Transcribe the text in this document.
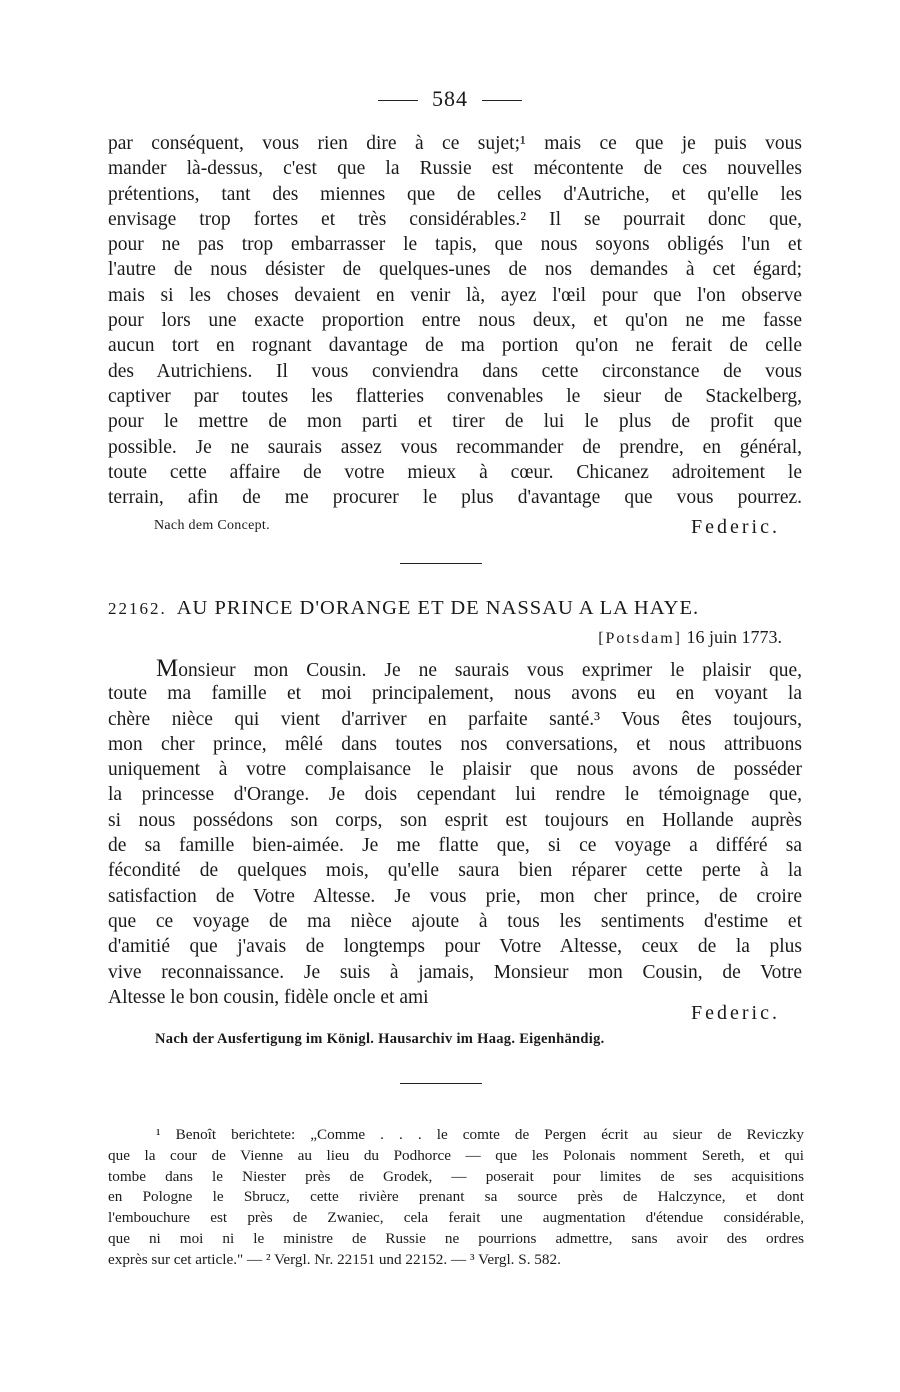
584
par conséquent, vous rien dire à ce sujet;¹ mais ce que je puis vous
mander là-dessus, c'est que la Russie est mécontente de ces nouvelles
prétentions, tant des miennes que de celles d'Autriche, et qu'elle les
envisage trop fortes et très considérables.² Il se pourrait donc que,
pour ne pas trop embarrasser le tapis, que nous soyons obligés l'un et
l'autre de nous désister de quelques-unes de nos demandes à cet égard;
mais si les choses devaient en venir là, ayez l'œil pour que l'on observe
pour lors une exacte proportion entre nous deux, et qu'on ne me fasse
aucun tort en rognant davantage de ma portion qu'on ne ferait de celle
des Autrichiens. Il vous conviendra dans cette circonstance de vous
captiver par toutes les flatteries convenables le sieur de Stackelberg,
pour le mettre de mon parti et tirer de lui le plus de profit que
possible. Je ne saurais assez vous recommander de prendre, en général,
toute cette affaire de votre mieux à cœur. Chicanez adroitement le
terrain, afin de me procurer le plus d'avantage que vous pourrez.
Nach dem Concept.	Federic.
22162. AU PRINCE D'ORANGE ET DE NASSAU A LA HAYE.
[Potsdam] 16 juin 1773.
Monsieur mon Cousin. Je ne saurais vous exprimer le plaisir que,
toute ma famille et moi principalement, nous avons eu en voyant la
chère nièce qui vient d'arriver en parfaite santé.³ Vous êtes toujours,
mon cher prince, mêlé dans toutes nos conversations, et nous attribuons
uniquement à votre complaisance le plaisir que nous avons de posséder
la princesse d'Orange. Je dois cependant lui rendre le témoignage que,
si nous possédons son corps, son esprit est toujours en Hollande auprès
de sa famille bien-aimée. Je me flatte que, si ce voyage a différé sa
fécondité de quelques mois, qu'elle saura bien réparer cette perte à la
satisfaction de Votre Altesse. Je vous prie, mon cher prince, de croire
que ce voyage de ma nièce ajoute à tous les sentiments d'estime et
d'amitié que j'avais de longtemps pour Votre Altesse, ceux de la plus
vive reconnaissance. Je suis à jamais, Monsieur mon Cousin, de Votre
Altesse le bon cousin, fidèle oncle et ami
Federic.
Nach der Ausfertigung im Königl. Hausarchiv im Haag. Eigenhändig.
¹ Benoît berichtete: „Comme . . . le comte de Pergen écrit au sieur de Reviczky
que la cour de Vienne au lieu du Podhorce — que les Polonais nomment Sereth, et qui
tombe dans le Niester près de Grodek, — poserait pour limites de ses acquisitions
en Pologne le Sbrucz, cette rivière prenant sa source près de Halczynce, et dont
l'embouchure est près de Zwaniec, cela ferait une augmentation d'étendue considérable,
que ni moi ni le ministre de Russie ne pourrions admettre, sans avoir des ordres
exprès sur cet article." — ² Vergl. Nr. 22151 und 22152. — ³ Vergl. S. 582.
